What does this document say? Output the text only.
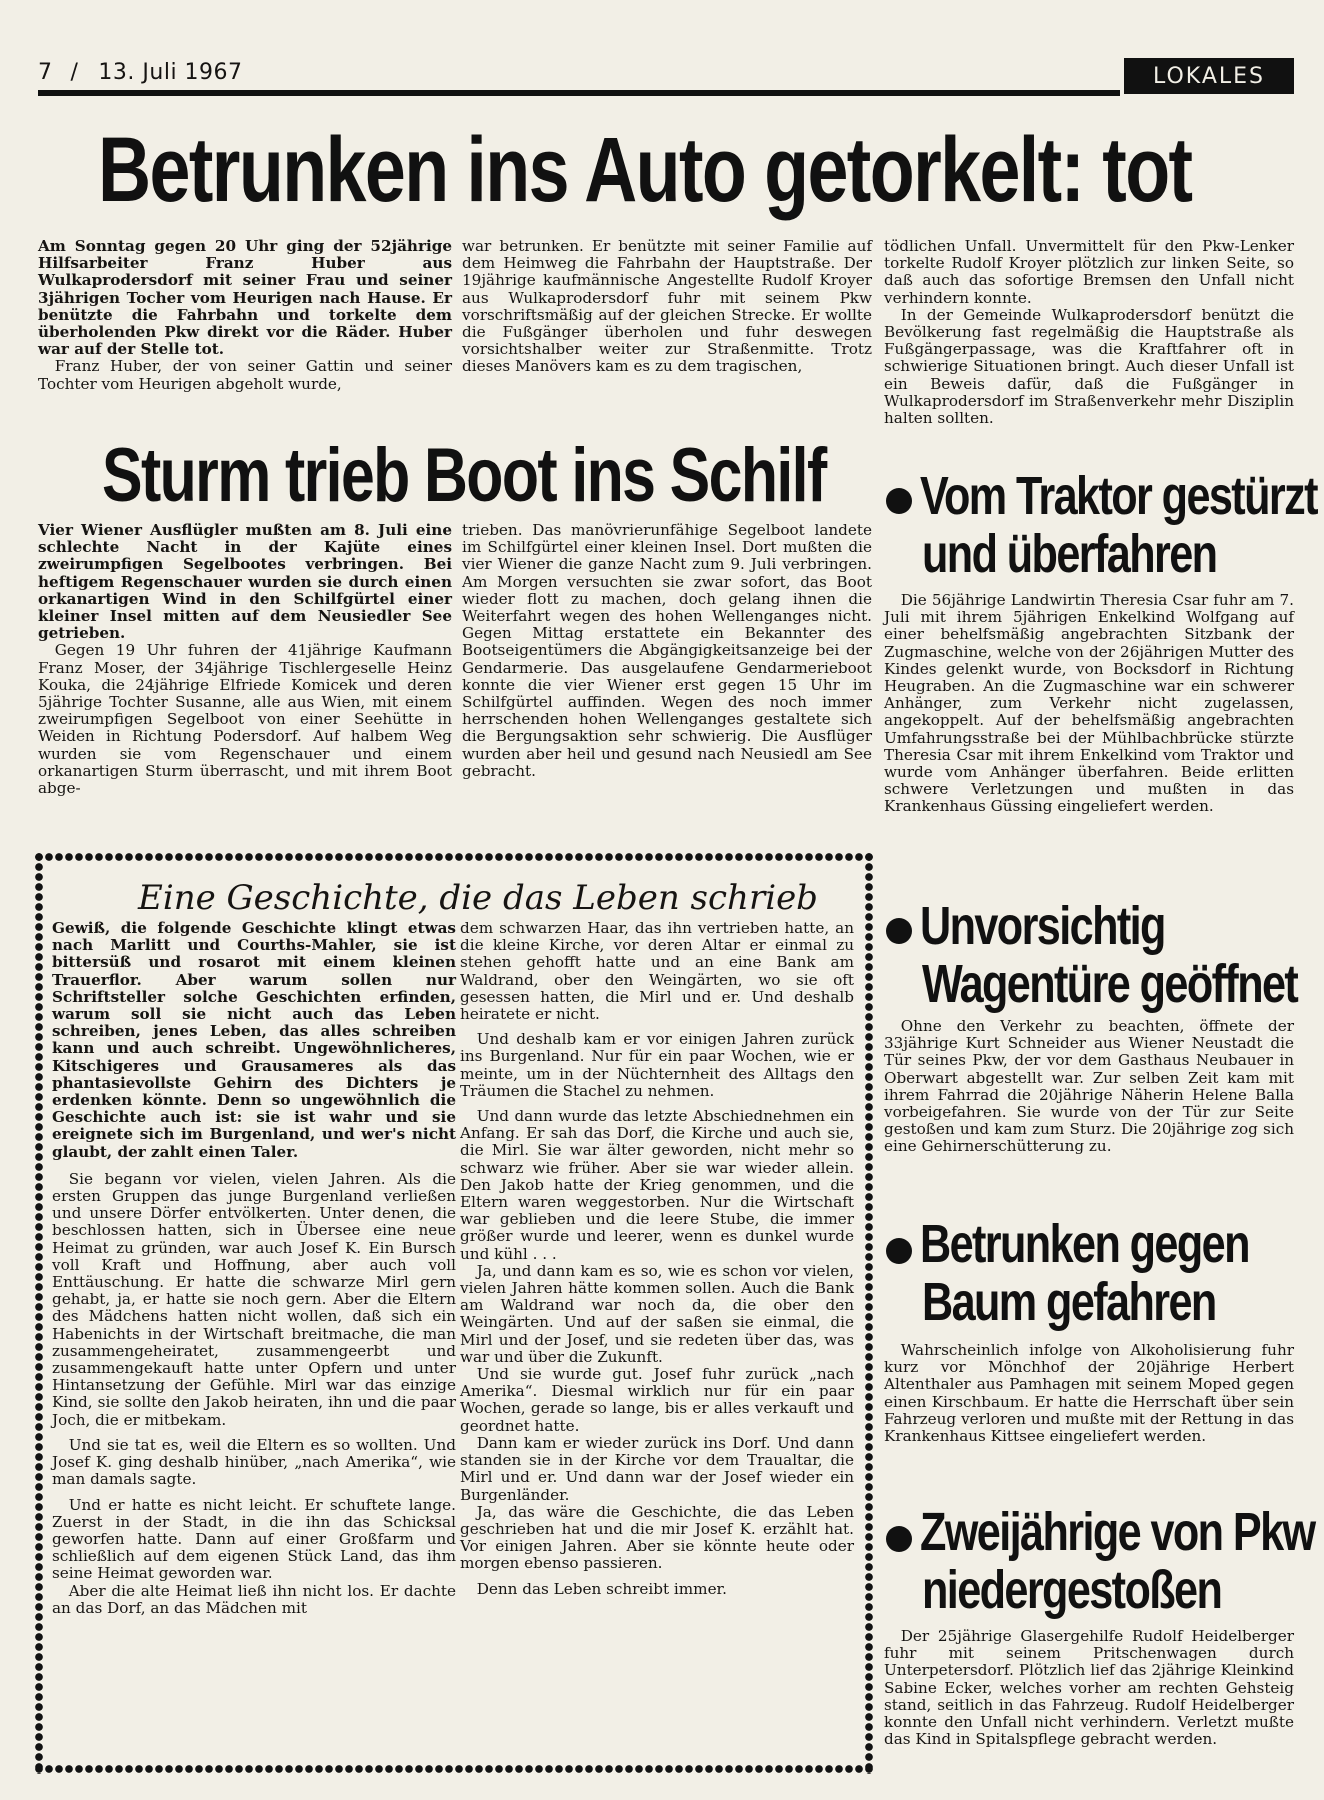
7 / 13. Juli 1967	LOKALES
Betrunken ins Auto getorkelt: tot

Am Sonntag gegen 20 Uhr ging der 52jährige Hilfsarbeiter Franz Huber aus Wulkaprodersdorf mit seiner Frau und seiner 3jährigen Tocher vom Heurigen nach Hause. Er benützte die Fahrbahn und torkelte dem überholenden Pkw direkt vor die Räder. Huber war auf der Stelle tot.

Franz Huber, der von seiner Gattin und seiner Tochter vom Heurigen abgeholt wurde,

war betrunken. Er benützte mit seiner Familie auf dem Heimweg die Fahrbahn der Hauptstraße. Der 19jährige kaufmännische Angestellte Rudolf Kroyer aus Wulkaprodersdorf fuhr mit seinem Pkw vorschriftsmäßig auf der gleichen Strecke. Er wollte die Fußgänger überholen und fuhr deswegen vorsichtshalber weiter zur Straßenmitte. Trotz dieses Manövers kam es zu dem tragischen,

tödlichen Unfall. Unvermittelt für den Pkw-Lenker torkelte Rudolf Kroyer plötzlich zur linken Seite, so daß auch das sofortige Bremsen den Unfall nicht verhindern konnte.

In der Gemeinde Wulkaprodersdorf benützt die Bevölkerung fast regelmäßig die Hauptstraße als Fußgängerpassage, was die Kraftfahrer oft in schwierige Situationen bringt. Auch dieser Unfall ist ein Beweis dafür, daß die Fußgänger in Wulkaprodersdorf im Straßenverkehr mehr Disziplin halten sollten.

Sturm trieb Boot ins Schilf

Vier Wiener Ausflügler mußten am 8. Juli eine schlechte Nacht in der Kajüte eines zweirumpfigen Segelbootes verbringen. Bei heftigem Regenschauer wurden sie durch einen orkanartigen Wind in den Schilfgürtel einer kleiner Insel mitten auf dem Neusiedler See getrieben.

Gegen 19 Uhr fuhren der 41jährige Kaufmann Franz Moser, der 34jährige Tischlergeselle Heinz Kouka, die 24jährige Elfriede Komicek und deren 5jährige Tochter Susanne, alle aus Wien, mit einem zweirumpfigen Segelboot von einer Seehütte in Weiden in Richtung Podersdorf. Auf halbem Weg wurden sie vom Regenschauer und einem orkanartigen Sturm überrascht, und mit ihrem Boot abge-

trieben. Das manövrierunfähige Segelboot landete im Schilfgürtel einer kleinen Insel. Dort mußten die vier Wiener die ganze Nacht zum 9. Juli verbringen. Am Morgen versuchten sie zwar sofort, das Boot wieder flott zu machen, doch gelang ihnen die Weiterfahrt wegen des hohen Wellenganges nicht. Gegen Mittag erstattete ein Bekannter des Bootseigentümers die Abgängigkeitsanzeige bei der Gendarmerie. Das ausgelaufene Gendarmerieboot konnte die vier Wiener erst gegen 15 Uhr im Schilfgürtel auffinden. Wegen des noch immer herrschenden hohen Wellenganges gestaltete sich die Bergungsaktion sehr schwierig. Die Ausflüger wurden aber heil und gesund nach Neusiedl am See gebracht.

Eine Geschichte, die das Leben schrieb

Gewiß, die folgende Geschichte klingt etwas nach Marlitt und Courths-Mahler, sie ist bittersüß und rosarot mit einem kleinen Trauerflor. Aber warum sollen nur Schriftsteller solche Geschichten erfinden, warum soll sie nicht auch das Leben schreiben, jenes Leben, das alles schreiben kann und auch schreibt. Ungewöhnlicheres, Kitschigeres und Grausameres als das phantasievollste Gehirn des Dichters je erdenken könnte. Denn so ungewöhnlich die Geschichte auch ist: sie ist wahr und sie ereignete sich im Burgenland, und wer's nicht glaubt, der zahlt einen Taler.

Sie begann vor vielen, vielen Jahren. Als die ersten Gruppen das junge Burgenland verließen und unsere Dörfer entvölkerten. Unter denen, die beschlossen hatten, sich in Übersee eine neue Heimat zu gründen, war auch Josef K. Ein Bursch voll Kraft und Hoffnung, aber auch voll Enttäuschung. Er hatte die schwarze Mirl gern gehabt, ja, er hatte sie noch gern. Aber die Eltern des Mädchens hatten nicht wollen, daß sich ein Habenichts in der Wirtschaft breitmache, die man zusammengeheiratet, zusammengeerbt und zusammengekauft hatte unter Opfern und unter Hintansetzung der Gefühle. Mirl war das einzige Kind, sie sollte den Jakob heiraten, ihn und die paar Joch, die er mitbekam.

Und sie tat es, weil die Eltern es so wollten. Und Josef K. ging deshalb hinüber, „nach Amerika“, wie man damals sagte.

Und er hatte es nicht leicht. Er schuftete lange. Zuerst in der Stadt, in die ihn das Schicksal geworfen hatte. Dann auf einer Großfarm und schließlich auf dem eigenen Stück Land, das ihm seine Heimat geworden war.

Aber die alte Heimat ließ ihn nicht los. Er dachte an das Dorf, an das Mädchen mit

dem schwarzen Haar, das ihn vertrieben hatte, an die kleine Kirche, vor deren Altar er einmal zu stehen gehofft hatte und an eine Bank am Waldrand, ober den Weingärten, wo sie oft gesessen hatten, die Mirl und er. Und deshalb heiratete er nicht.

Und deshalb kam er vor einigen Jahren zurück ins Burgenland. Nur für ein paar Wochen, wie er meinte, um in der Nüchternheit des Alltags den Träumen die Stachel zu nehmen.

Und dann wurde das letzte Abschiednehmen ein Anfang. Er sah das Dorf, die Kirche und auch sie, die Mirl. Sie war älter geworden, nicht mehr so schwarz wie früher. Aber sie war wieder allein. Den Jakob hatte der Krieg genommen, und die Eltern waren weggestorben. Nur die Wirtschaft war geblieben und die leere Stube, die immer größer wurde und leerer, wenn es dunkel wurde und kühl . . .

Ja, und dann kam es so, wie es schon vor vielen, vielen Jahren hätte kommen sollen. Auch die Bank am Waldrand war noch da, die ober den Weingärten. Und auf der saßen sie einmal, die Mirl und der Josef, und sie redeten über das, was war und über die Zukunft.

Und sie wurde gut. Josef fuhr zurück „nach Amerika“. Diesmal wirklich nur für ein paar Wochen, gerade so lange, bis er alles verkauft und geordnet hatte.

Dann kam er wieder zurück ins Dorf. Und dann standen sie in der Kirche vor dem Traualtar, die Mirl und er. Und dann war der Josef wieder ein Burgenländer.

Ja, das wäre die Geschichte, die das Leben geschrieben hat und die mir Josef K. erzählt hat. Vor einigen Jahren. Aber sie könnte heute oder morgen ebenso passieren.

Denn das Leben schreibt immer.

Vom Traktor gestürzt
und überfahren

Die 56jährige Landwirtin Theresia Csar fuhr am 7. Juli mit ihrem 5jährigen Enkelkind Wolfgang auf einer behelfsmäßig angebrachten Sitzbank der Zugmaschine, welche von der 26jährigen Mutter des Kindes gelenkt wurde, von Bocksdorf in Richtung Heugraben. An die Zugmaschine war ein schwerer Anhänger, zum Verkehr nicht zugelassen, angekoppelt. Auf der behelfsmäßig angebrachten Umfahrungsstraße bei der Mühlbachbrücke stürzte Theresia Csar mit ihrem Enkelkind vom Traktor und wurde vom Anhänger überfahren. Beide erlitten schwere Verletzungen und mußten in das Krankenhaus Güssing eingeliefert werden.

Unvorsichtig
Wagentüre geöffnet

Ohne den Verkehr zu beachten, öffnete der 33jährige Kurt Schneider aus Wiener Neustadt die Tür seines Pkw, der vor dem Gasthaus Neubauer in Oberwart abgestellt war. Zur selben Zeit kam mit ihrem Fahrrad die 20jährige Näherin Helene Balla vorbeigefahren. Sie wurde von der Tür zur Seite gestoßen und kam zum Sturz. Die 20jährige zog sich eine Gehirnerschütterung zu.

Betrunken gegen
Baum gefahren

Wahrscheinlich infolge von Alkoholisierung fuhr kurz vor Mönchhof der 20jährige Herbert Altenthaler aus Pamhagen mit seinem Moped gegen einen Kirschbaum. Er hatte die Herrschaft über sein Fahrzeug verloren und mußte mit der Rettung in das Krankenhaus Kittsee eingeliefert werden.

Zweijährige von Pkw
niedergestoßen

Der 25jährige Glasergehilfe Rudolf Heidelberger fuhr mit seinem Pritschenwagen durch Unterpetersdorf. Plötzlich lief das 2jährige Kleinkind Sabine Ecker, welches vorher am rechten Gehsteig stand, seitlich in das Fahrzeug. Rudolf Heidelberger konnte den Unfall nicht verhindern. Verletzt mußte das Kind in Spitalspflege gebracht werden.
